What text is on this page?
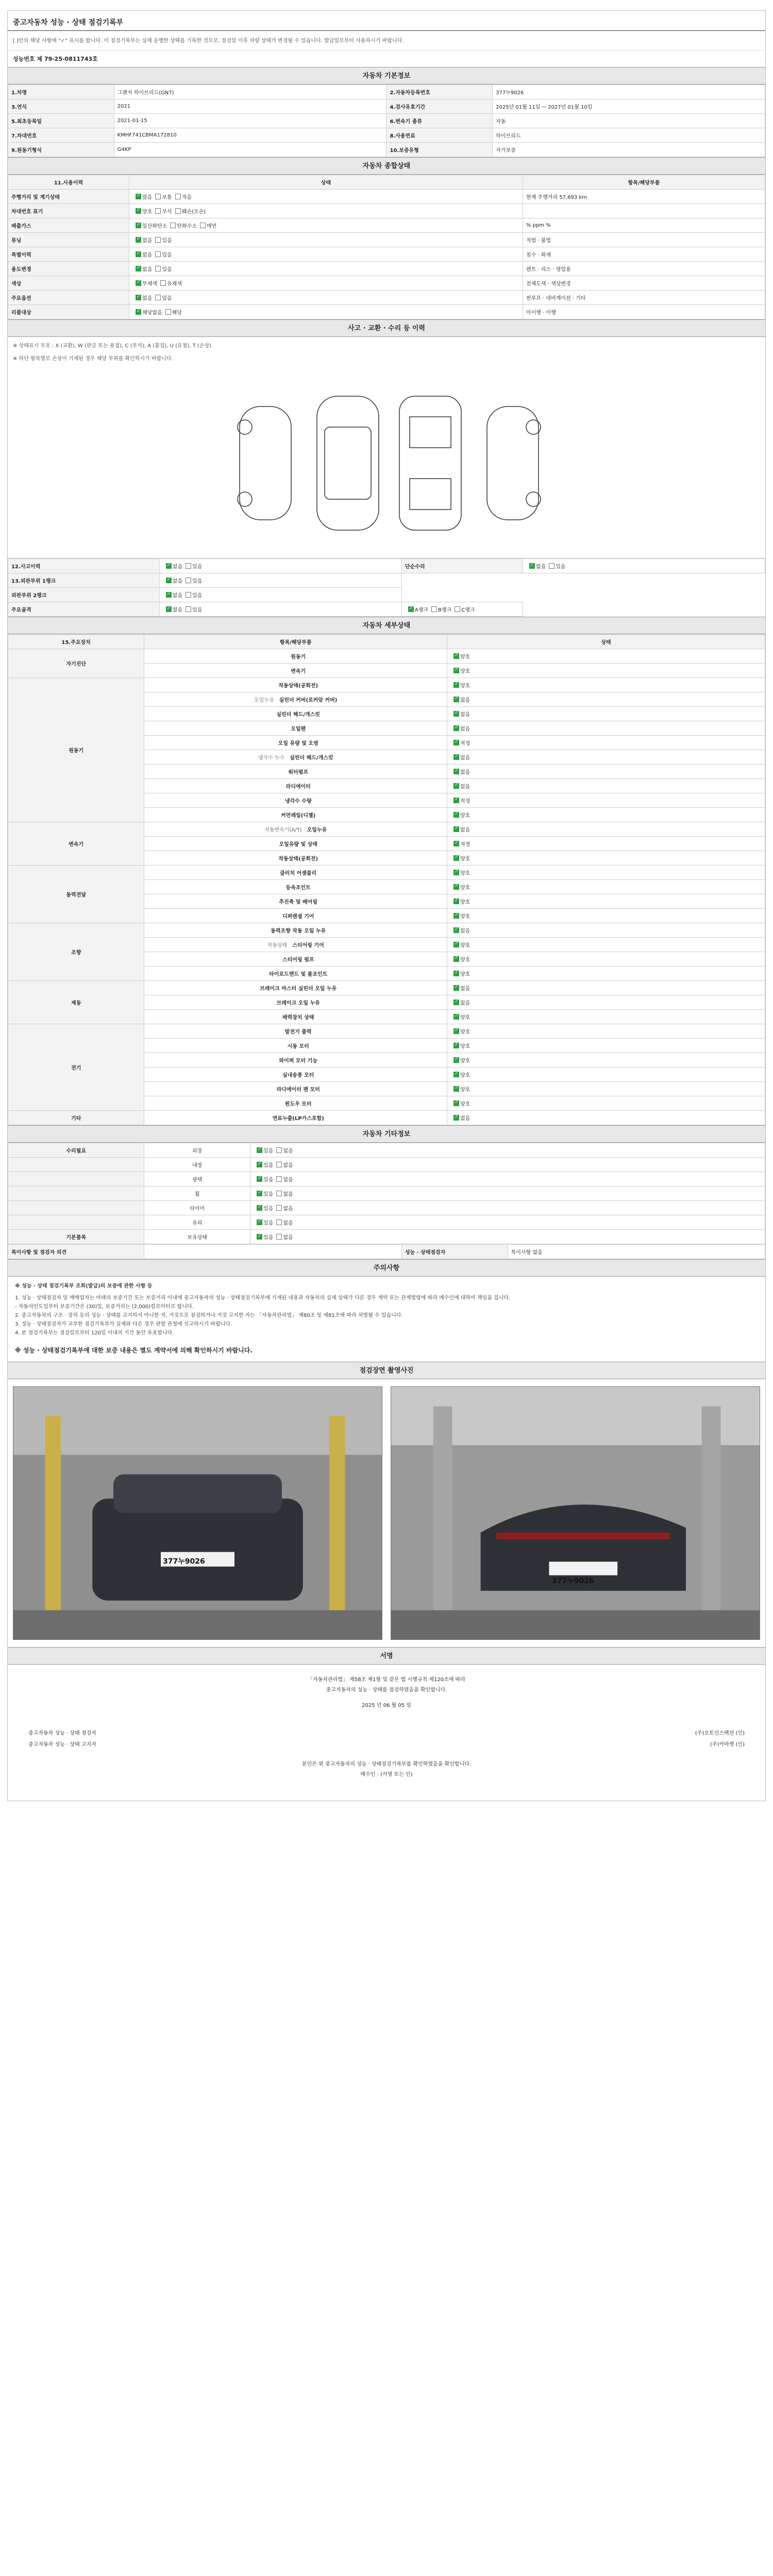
중고자동차 성능 · 상태 점검기록부
[ ]안의 해당 사항에 "✓" 표시를 합니다. 이 점검기록부는 실제 운행한 상태를 기록한 것으로, 점검일 이후 차량 상태가 변경될 수 있습니다. 발급일로부터 사용하시기 바랍니다.
성능번호 제 79-25-0811743호
자동차 기본정보
1.차명	그랜저 하이브리드(GN7)	2.자동차등록번호	377누9026
3.연식	2021	4.검사유효기간	2025년 01월 11일 ~ 2027년 01월 10일
5.최초등록일	2021-01-15	6.변속기 종류	자동
7.차대번호	KMHF741CBMA172810	8.사용연료	하이브리드
9.원동기형식	G4KP	10.보증유형	자가보증
자동차 종합상태
11.사용이력	상태	항목/해당부품
주행거리 및 계기상태	✓많음 보통 적음	현재 주행거리 57,693 km
차대번호 표기	✓양호 부식 훼손(오손)	
배출가스	✓일산화탄소 탄화수소 매연	% ppm %
튜닝	✓없음 있음	적법 · 불법
특별이력	✓없음 있음	침수 · 화재
용도변경	✓없음 있음	렌트 · 리스 · 영업용
색상	✓무채색 유채색	전체도색 · 색상변경
주요옵션	✓없음 있음	썬루프 · 네비게이션 · 기타
리콜대상	✓해당없음 해당	미이행 · 이행
사고 · 교환 · 수리 등 이력
※ 상태표시 부호 : X (교환), W (판금 또는 용접), C (부식), A (흠집), U (요철), T (손상)
※ 하단 항목별로 손상이 기재된 경우 해당 부위를 확인하시기 바랍니다.
12.사고이력	✓없음 있음	단순수리	✓없음 있음
13.외판부위 1랭크	✓없음 있음
외판부위 2랭크	✓없음 있음
주요골격	✓없음 있음	✓A랭크 B랭크 C랭크
자동차 세부상태
15.주요장치	항목/해당부품	상태
자기진단	원동기	✓양호
	변속기	✓양호
원동기	작동상태(공회전)	✓양호
	오일누유 실린더 커버(로커암 커버)	✓없음
	실린더 헤드/개스킷	✓없음
	오일팬	✓없음
	오일 유량 및 오염	✓적정
	냉각수 누수 실린더 헤드/개스킷	✓없음
	워터펌프	✓없음
	라디에이터	✓없음
	냉각수 수량	✓적정
	커먼레일(디젤)	✓양호
변속기	자동변속기(A/T) 오일누유	✓없음
	오일유량 및 상태	✓적정
	작동상태(공회전)	✓양호
동력전달	클러치 어셈블리	✓양호
	등속조인트	✓양호
	추진축 및 베어링	✓양호
	디퍼렌셜 기어	✓양호
조향	동력조향 작동 오일 누유	✓없음
	작동상태 스티어링 기어	✓양호
	스티어링 펌프	✓양호
	타이로드엔드 및 볼조인트	✓양호
제동	브레이크 마스터 실린더 오일 누유	✓없음
	브레이크 오일 누유	✓없음
	배력장치 상태	✓양호
전기	발전기 출력	✓양호
	시동 모터	✓양호
	와이퍼 모터 기능	✓양호
	실내송풍 모터	✓양호
	라디에이터 팬 모터	✓양호
	윈도우 모터	✓양호
기타	연료누출(LP가스포함)	✓없음
자동차 기타정보
수리필요	외장	✓있음 없음
	내장	✓있음 없음
	광택	✓있음 없음
	휠	✓있음 없음
	타이어	✓있음 없음
	유리	✓있음 없음
기본품목	보유상태	✓있음 없음
특이사항 및 점검자 의견		성능 · 상태점검자	특이사항 없음
주의사항
※ 성능 · 상태 점검기록부 조회(발급)의 보증에 관한 사항 등
1. 성능 · 상태점검자 및 매매업자는 아래의 보증기간 또는 보증거리 이내에 중고자동차의 성능 · 상태점검기록부에 기재된 내용과 자동차의 실제 상태가 다른 경우 계약 또는 관계법령에 따라 매수인에 대하여 책임을 집니다.
- 자동차인도일부터 보증기간은 (30)일, 보증거리는 (2,000)킬로미터로 합니다.
2. 중고자동차의 구조 · 장치 등의 성능 · 상태를 고지하지 아니한 자, 거짓으로 점검하거나 거짓 고지한 자는 「자동차관리법」 제80조 및 제81조에 따라 처벌될 수 있습니다.
3. 성능 · 상태점검자가 교부한 점검기록부가 실제와 다른 경우 관할 관청에 신고하시기 바랍니다.
4. 본 점검기록부는 점검일로부터 120일 이내의 기간 동안 유효합니다.
※ 성능 · 상태점검기록부에 대한 보증 내용은 별도 계약서에 의해 확인하시기 바랍니다.
점검장면 촬영사진
377누9026
377누9026
서명
「자동차관리법」 제58조 제1항 및 같은 법 시행규칙 제120조에 따라
중고자동차의 성능 · 상태를 점검하였음을 확인합니다.
2025 년 06 월 05 일
중고자동차 성능 · 상태 점검자	(주)오토인스펙션 (인)
중고자동차 성능 · 상태 고지자	(주)카마켓 (인)
본인은 위 중고자동차의 성능 · 상태점검기록부를 확인하였음을 확인합니다.
매수인 : (서명 또는 인)
